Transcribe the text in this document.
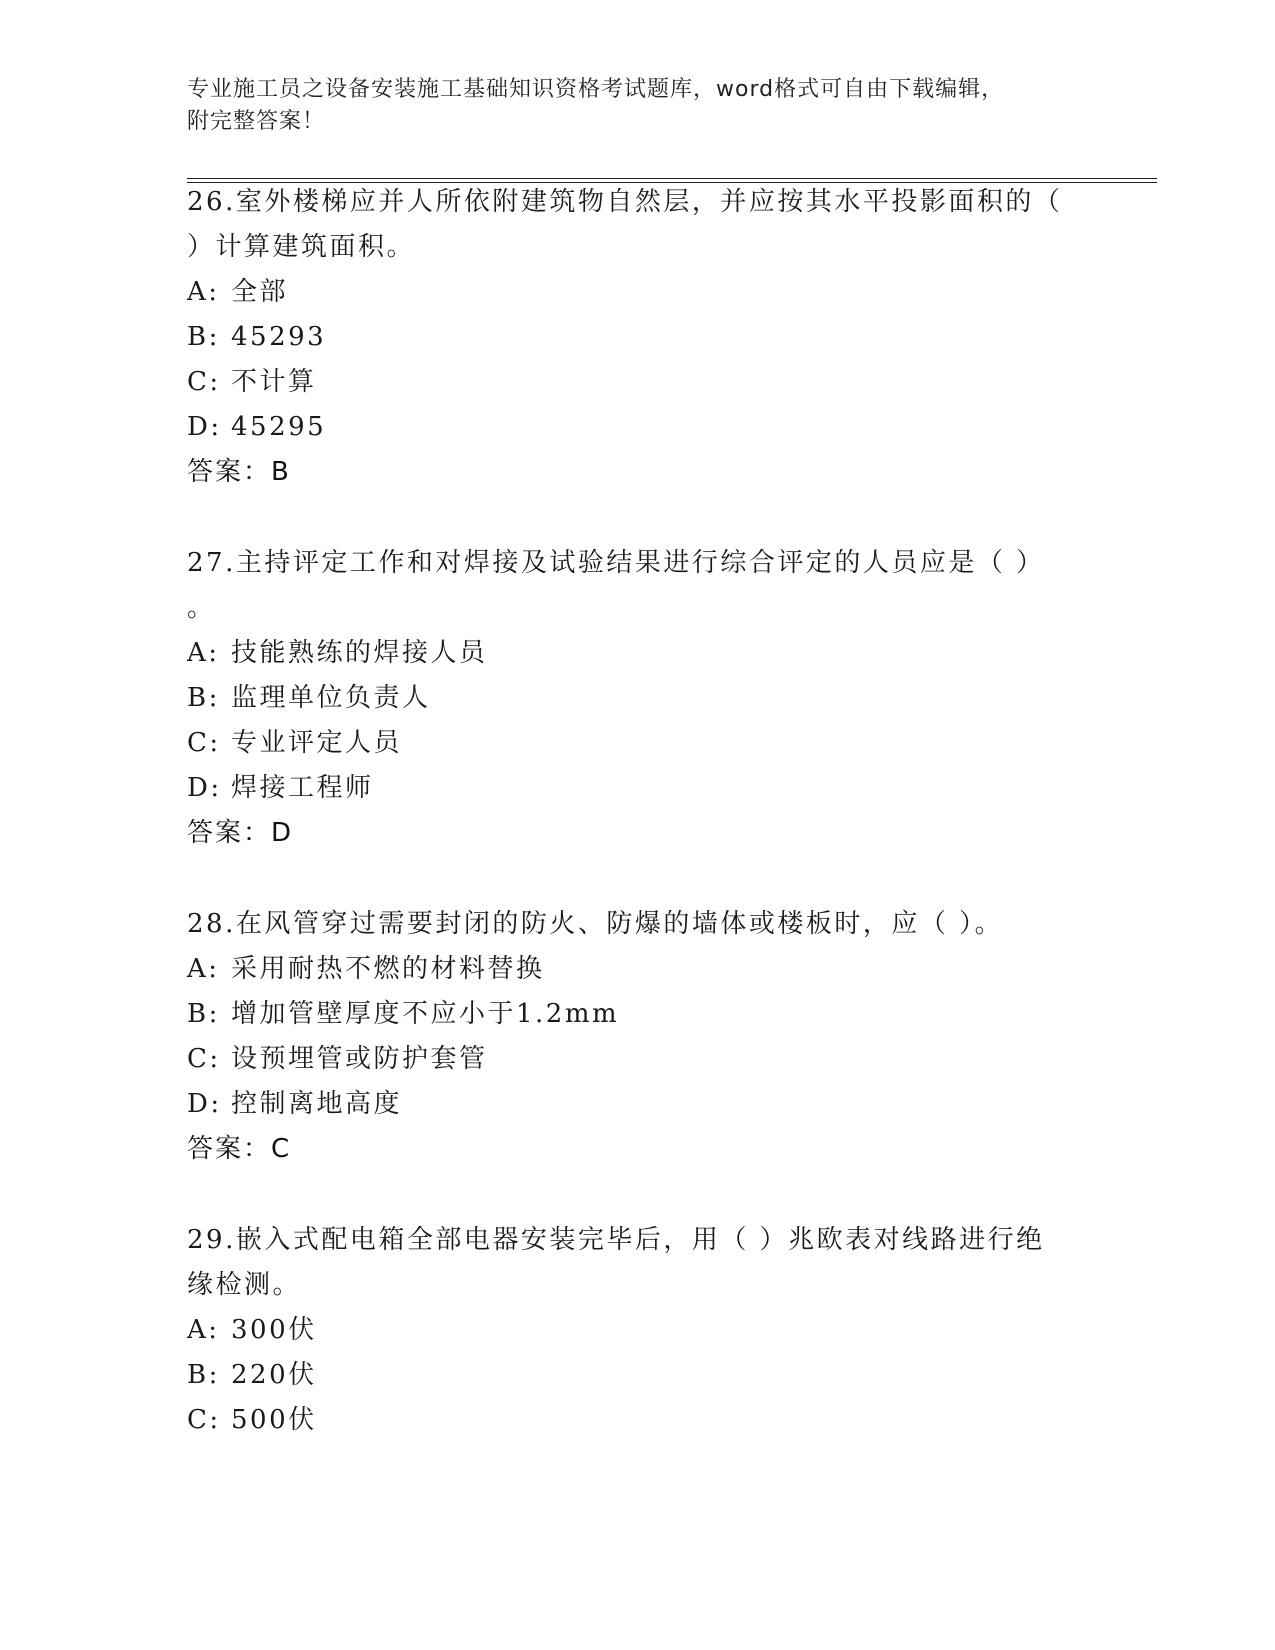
专业施工员之设备安装施工基础知识资格考试题库，word格式可自由下载编辑，
附完整答案！
26.室外楼梯应并人所依附建筑物自然层，并应按其水平投影面积的（
）计算建筑面积。
A: 全部
B: 45293
C: 不计算
D: 45295
答案：B
27.主持评定工作和对焊接及试验结果进行综合评定的人员应是（ ）
。
A: 技能熟练的焊接人员
B: 监理单位负责人
C: 专业评定人员
D: 焊接工程师
答案：D
28.在风管穿过需要封闭的防火、防爆的墙体或楼板时，应（ ）。
A: 采用耐热不燃的材料替换
B: 增加管壁厚度不应小于1.2mm
C: 设预埋管或防护套管
D: 控制离地高度
答案：C
29.嵌入式配电箱全部电器安装完毕后，用（ ）兆欧表对线路进行绝
缘检测。
A: 300伏
B: 220伏
C: 500伏
